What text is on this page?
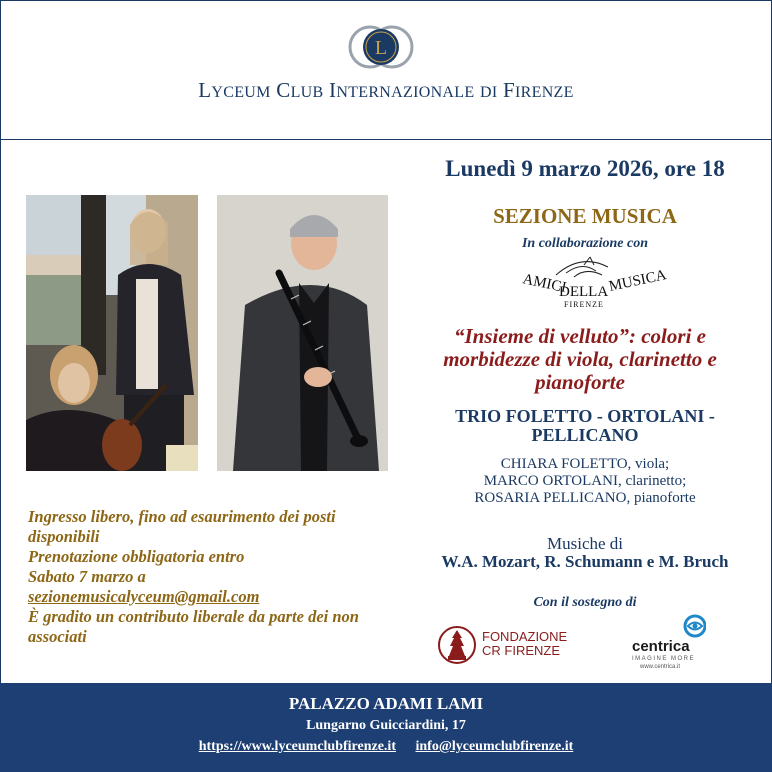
L
LYCEUM CLUB INTERNAZIONALE DI FIRENZE
Lunedì 9 marzo 2026, ore 18
SEZIONE MUSICA
In collaborazione con
AMICI
DELLA MUSICA
FIRENZE
“Insieme di velluto”: colori e morbidezze di viola, clarinetto e pianoforte
TRIO FOLETTO - ORTOLANI - PELLICANO
CHIARA FOLETTO, viola;
MARCO ORTOLANI, clarinetto;
ROSARIA PELLICANO, pianoforte
Musiche di
W.A. Mozart, R. Schumann e M. Bruch
Con il sostegno di
FONDAZIONE
CR FIRENZE	centrica
IMAGINE MORE
www.centrica.it
Ingresso libero, fino ad esaurimento dei posti disponibili
Prenotazione obbligatoria entro
Sabato 7 marzo a
sezionemusicalyceum@gmail.com
È gradito un contributo liberale da parte dei non associati
PALAZZO ADAMI LAMI
Lungarno Guicciardini, 17
https://www.lyceumclubfirenze.it info@lyceumclubfirenze.it
